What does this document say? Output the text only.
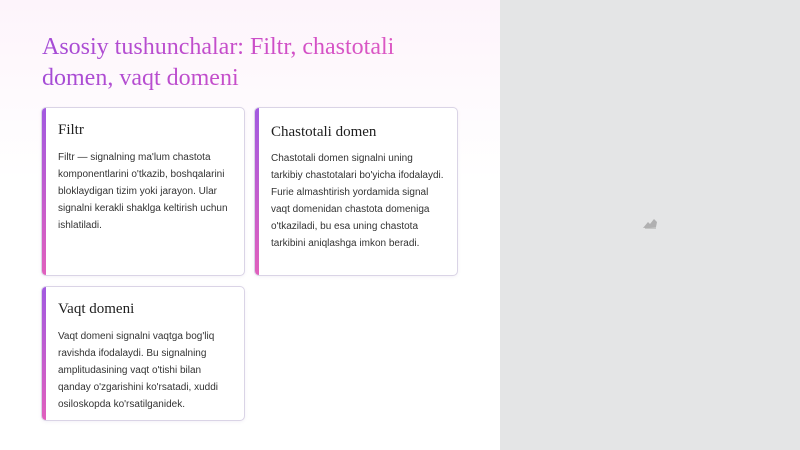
Asosiy tushunchalar: Filtr, chastotali domen, vaqt domeni
Filtr
Filtr — signalning ma'lum chastota komponentlarini o'tkazib, boshqalarini bloklaydigan tizim yoki jarayon. Ular signalni kerakli shaklga keltirish uchun ishlatiladi.
Chastotali domen
Chastotali domen signalni uning tarkibiy chastotalari bo'yicha ifodalaydi. Furie almashtirish yordamida signal vaqt domenidan chastota domeniga o'tkaziladi, bu esa uning chastota tarkibini aniqlashga imkon beradi.
Vaqt domeni
Vaqt domeni signalni vaqtga bog'liq ravishda ifodalaydi. Bu signalning amplitudasining vaqt o'tishi bilan qanday o'zgarishini ko'rsatadi, xuddi osiloskopda ko'rsatilganidek.
